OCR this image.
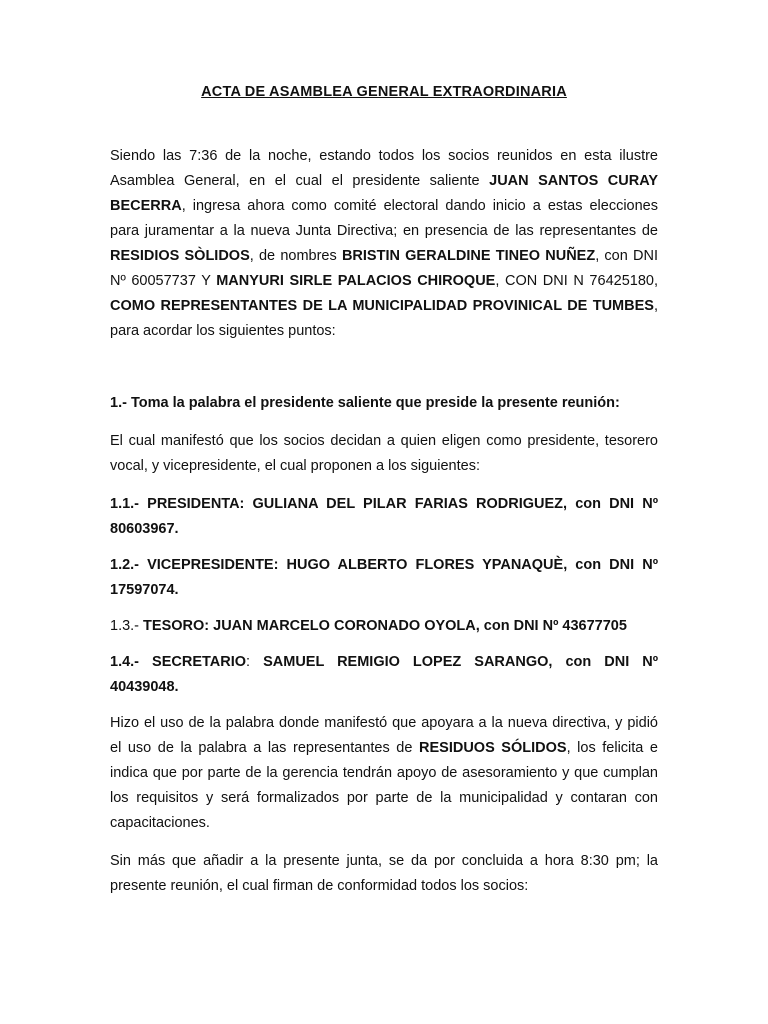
ACTA DE ASAMBLEA GENERAL EXTRAORDINARIA

Siendo las 7:36 de la noche, estando todos los socios reunidos en esta ilustre Asamblea General, en el cual el presidente saliente JUAN SANTOS CURAY BECERRA, ingresa ahora como comité electoral dando inicio a estas elecciones para juramentar a la nueva Junta Directiva; en presencia de las representantes de RESIDIOS SÒLIDOS, de nombres BRISTIN GERALDINE TINEO NUÑEZ, con DNI Nº 60057737 Y MANYURI SIRLE PALACIOS CHIROQUE, CON DNI N 76425180, COMO REPRESENTANTES DE LA MUNICIPALIDAD PROVINICAL DE TUMBES, para acordar los siguientes puntos:

1.- Toma la palabra el presidente saliente que preside la presente reunión:

El cual manifestó que los socios decidan a quien eligen como presidente, tesorero vocal, y vicepresidente, el cual proponen a los siguientes:

1.1.- PRESIDENTA: GULIANA DEL PILAR FARIAS RODRIGUEZ, con DNI Nº 80603967.

1.2.- VICEPRESIDENTE: HUGO ALBERTO FLORES YPANAQUÈ, con DNI Nº 17597074.

1.3.- TESORO: JUAN MARCELO CORONADO OYOLA, con DNI Nº 43677705

1.4.- SECRETARIO: SAMUEL REMIGIO LOPEZ SARANGO, con DNI Nº 40439048.

Hizo el uso de la palabra donde manifestó que apoyara a la nueva directiva, y pidió el uso de la palabra a las representantes de RESIDUOS SÓLIDOS, los felicita e indica que por parte de la gerencia tendrán apoyo de asesoramiento y que cumplan los requisitos y será formalizados por parte de la municipalidad y contaran con capacitaciones.

Sin más que añadir a la presente junta, se da por concluida a hora 8:30 pm; la presente reunión, el cual firman de conformidad todos los socios:
